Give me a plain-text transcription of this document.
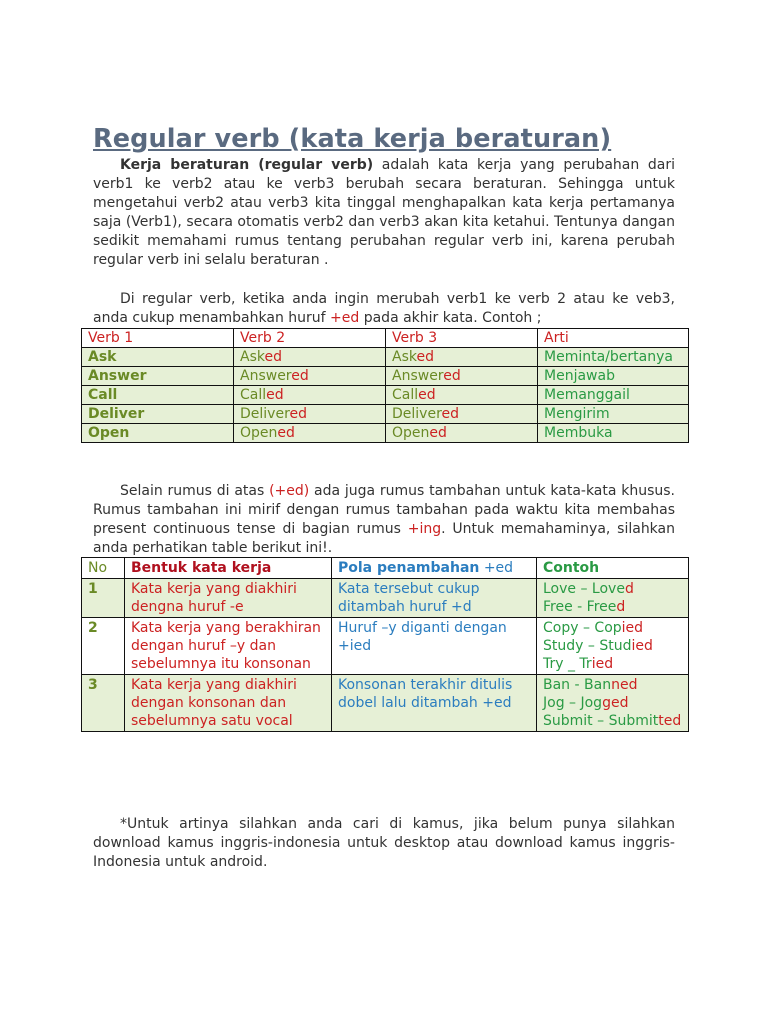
Regular verb (kata kerja beraturan)

Kerja beraturan (regular verb) adalah kata kerja yang perubahan dari verb1 ke verb2 atau ke verb3 berubah secara beraturan. Sehingga untuk mengetahui verb2 atau verb3 kita tinggal menghapalkan kata kerja pertamanya saja (Verb1), secara otomatis verb2 dan verb3 akan kita ketahui. Tentunya dangan sedikit memahami rumus tentang perubahan regular verb ini, karena perubah regular verb ini selalu beraturan .

Di regular verb, ketika anda ingin merubah verb1 ke verb 2 atau ke veb3, anda cukup menambahkan huruf +ed pada akhir kata. Contoh ;

Verb 1	Verb 2	Verb 3	Arti
Ask	Asked	Asked	Meminta/bertanya
Answer	Answered	Answered	Menjawab
Call	Called	Called	Memanggail
Deliver	Delivered	Delivered	Mengirim
Open	Opened	Opened	Membuka

Selain rumus di atas (+ed) ada juga rumus tambahan untuk kata-kata khusus. Rumus tambahan ini mirif dengan rumus tambahan pada waktu kita membahas present continuous tense di bagian rumus +ing. Untuk memahaminya, silahkan anda perhatikan table berikut ini!.

No	Bentuk kata kerja	Pola penambahan +ed	Contoh
1	Kata kerja yang diakhiri dengna huruf -e	Kata tersebut cukup ditambah huruf +d	Love – Loved
Free - Freed

2	Kata kerja yang berakhiran dengan huruf –y dan sebelumnya itu konsonan	Huruf –y diganti dengan +ied	Copy – Copied
Study – Studied
Try _ Tried

3	Kata kerja yang diakhiri dengan konsonan dan sebelumnya satu vocal	Konsonan terakhir ditulis dobel lalu ditambah +ed	Ban - Banned
Jog – Jogged
Submit – Submitted

*Untuk artinya silahkan anda cari di kamus, jika belum punya silahkan download kamus inggris-indonesia untuk desktop atau download kamus inggris-Indonesia untuk android.
